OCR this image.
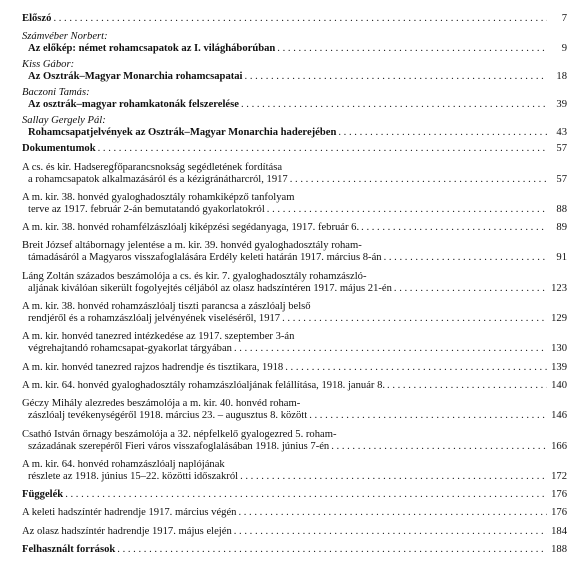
Előszó . . .	7
Számvéber Norbert:
Az előkép: német rohamcsapatok az I. világháborúban . . .	9
Kiss Gábor:
Az Osztrák–Magyar Monarchia rohamcsapatai . . .	18
Baczoni Tamás:
Az osztrák–magyar rohamkatonák felszerelése . . .	39
Sallay Gergely Pál:
Rohamcsapatjelvények az Osztrák–Magyar Monarchia haderejében . . .	43
Dokumentumok . . .	57
A cs. és kir. Hadseregfőparancsnokság segédletének fordítása
a rohamcsapatok alkalmazásáról és a kézigránátharcról, 1917 . . .	57
A m. kir. 38. honvéd gyaloghadosztály rohamkiképző tanfolyam
terve az 1917. február 2-án bemutatandó gyakorlatokról . . .	88
A m. kir. 38. honvéd rohamfélzászlóalj kiképzési segédanyaga, 1917. február 6. . . .	89
Breit József altábornagy jelentése a m. kir. 39. honvéd gyaloghadosztály roham-
támadásáról a Magyaros visszafoglalására Erdély keleti határán 1917. március 8-án . . .	91
Láng Zoltán százados beszámolója a cs. és kir. 7. gyaloghadosztály rohamzászló-
aljának kiválóan sikerült fogolyejtés céljából az olasz hadszíntéren 1917. május 21-én . . .	123
A m. kir. 38. honvéd rohamzászlóalj tiszti parancsa a zászlóalj belső
rendjéről és a rohamzászlóalj jelvényének viseléséről, 1917 . . .	129
A m. kir. honvéd tanezred intézkedése az 1917. szeptember 3-án
végrehajtandó rohamcsapat-gyakorlat tárgyában . . .	130
A m. kir. honvéd tanezred rajzos hadrendje és tisztikara, 1918 . . .	139
A m. kir. 64. honvéd gyaloghadosztály rohamzászlóaljának felállítása, 1918. január 8. . . .	140
Géczy Mihály alezredes beszámolója a m. kir. 40. honvéd roham-
zászlóalj tevékenységéről 1918. március 23. – augusztus 8. között . . .	146
Csathó István őrnagy beszámolója a 32. népfelkelő gyalogezred 5. roham-
századának szerepéről Fieri város visszafoglalásában 1918. június 7-én . . .	166
A m. kir. 64. honvéd rohamzászlóalj naplójának
részlete az 1918. június 15–22. közötti időszakról . . .	172
Függelék . . .	176
A keleti hadszíntér hadrendje 1917. március végén . . .	176
Az olasz hadszíntér hadrendje 1917. május elején . . .	184
Felhasznált források . . .	188
